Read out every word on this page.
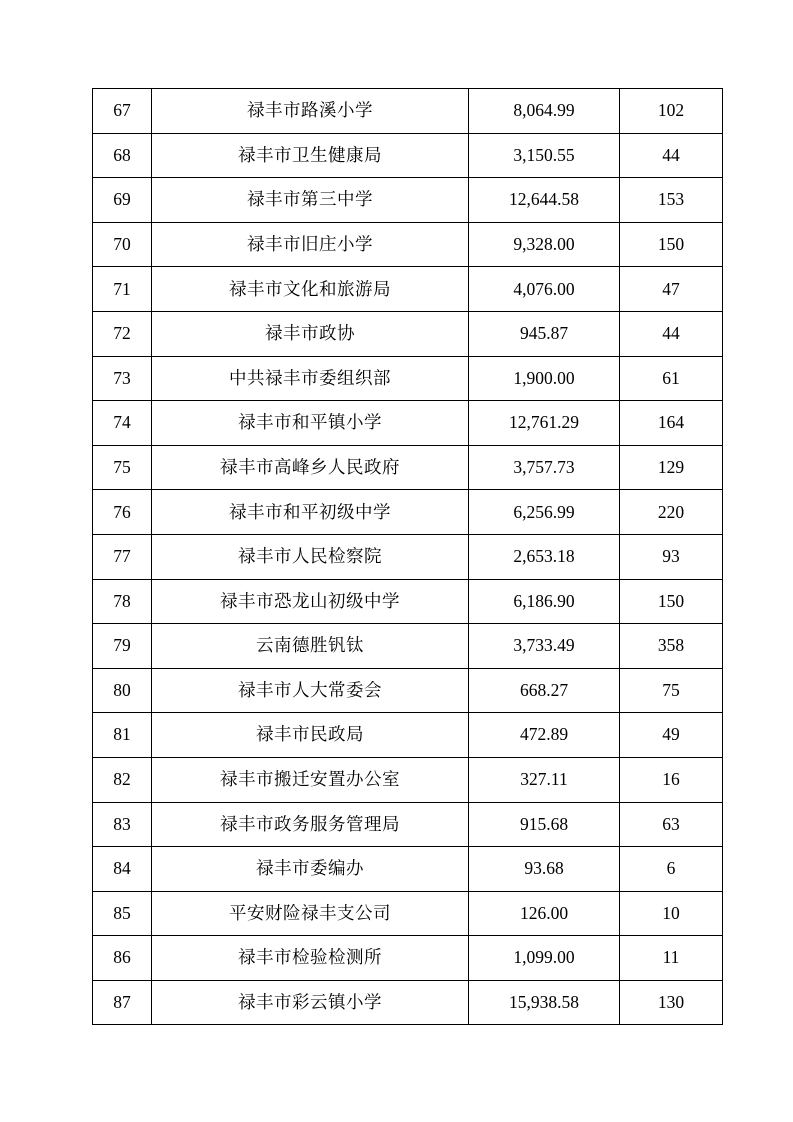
67	禄丰市路溪小学	8,064.99	102
68	禄丰市卫生健康局	3,150.55	44
69	禄丰市第三中学	12,644.58	153
70	禄丰市旧庄小学	9,328.00	150
71	禄丰市文化和旅游局	4,076.00	47
72	禄丰市政协	945.87	44
73	中共禄丰市委组织部	1,900.00	61
74	禄丰市和平镇小学	12,761.29	164
75	禄丰市高峰乡人民政府	3,757.73	129
76	禄丰市和平初级中学	6,256.99	220
77	禄丰市人民检察院	2,653.18	93
78	禄丰市恐龙山初级中学	6,186.90	150
79	云南德胜钒钛	3,733.49	358
80	禄丰市人大常委会	668.27	75
81	禄丰市民政局	472.89	49
82	禄丰市搬迁安置办公室	327.11	16
83	禄丰市政务服务管理局	915.68	63
84	禄丰市委编办	93.68	6
85	平安财险禄丰支公司	126.00	10
86	禄丰市检验检测所	1,099.00	11
87	禄丰市彩云镇小学	15,938.58	130
